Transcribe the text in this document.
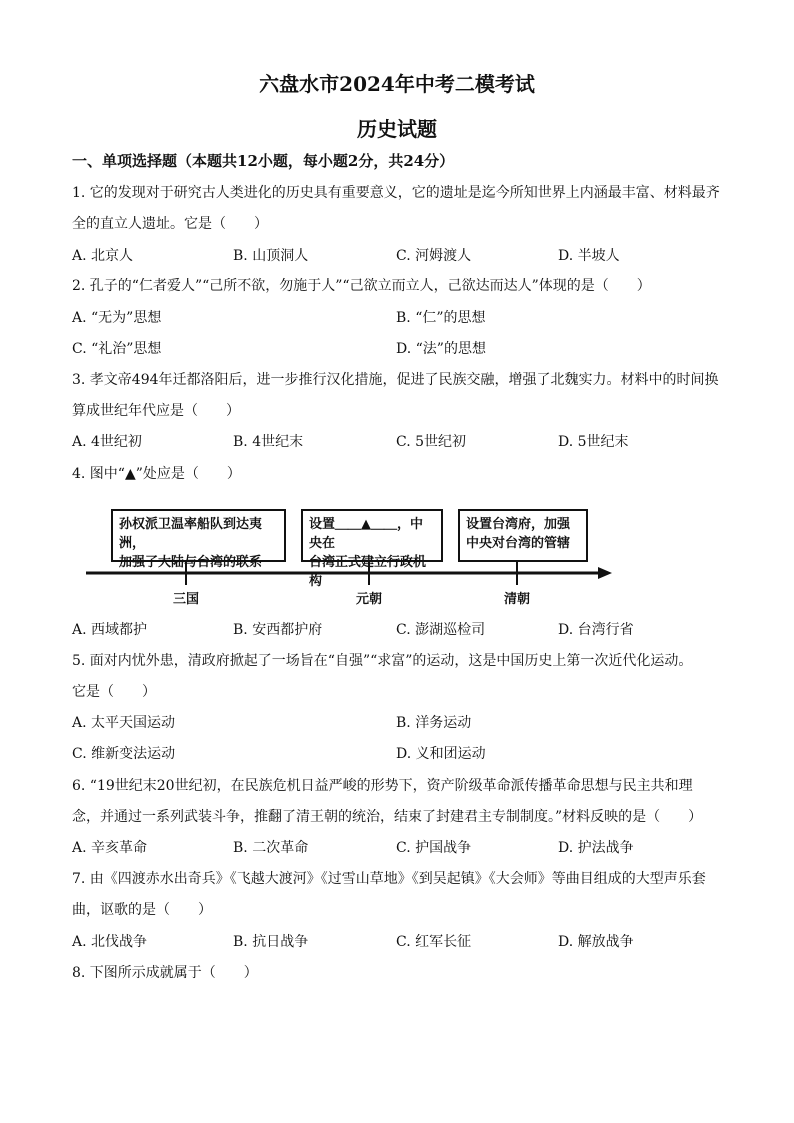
六盘水市2024年中考二模考试
历史试题
一、单项选择题（本题共12小题，每小题2分，共24分）
1. 它的发现对于研究古人类进化的历史具有重要意义，它的遗址是迄今所知世界上内涵最丰富、材料最齐
全的直立人遗址。它是（　　）
A. 北京人	B. 山顶洞人	C. 河姆渡人	D. 半坡人
2. 孔子的“仁者爱人”“己所不欲，勿施于人”“己欲立而立人，己欲达而达人”体现的是（　　）
A. “无为”思想	B. “仁”的思想
C. “礼治”思想	D. “法”的思想
3. 孝文帝494年迁都洛阳后，进一步推行汉化措施，促进了民族交融，增强了北魏实力。材料中的时间换
算成世纪年代应是（　　）
A. 4世纪初	B. 4世纪末	C. 5世纪初	D. 5世纪末
4. 图中“▲”处应是（　　）
孙权派卫温率船队到达夷洲，
加强了大陆与台湾的联系
设置＿＿▲＿＿，中央在
台湾正式建立行政机构
设置台湾府，加强
中央对台湾的管辖
三国	元朝	清朝
A. 西域都护	B. 安西都护府	C. 澎湖巡检司	D. 台湾行省
5. 面对内忧外患，清政府掀起了一场旨在“自强”“求富”的运动，这是中国历史上第一次近代化运动。
它是（　　）
A. 太平天国运动	B. 洋务运动
C. 维新变法运动	D. 义和团运动
6. “19世纪末20世纪初，在民族危机日益严峻的形势下，资产阶级革命派传播革命思想与民主共和理
念，并通过一系列武装斗争，推翻了清王朝的统治，结束了封建君主专制制度。”材料反映的是（　　）
A. 辛亥革命	B. 二次革命	C. 护国战争	D. 护法战争
7. 由《四渡赤水出奇兵》《飞越大渡河》《过雪山草地》《到吴起镇》《大会师》等曲目组成的大型声乐套
曲，讴歌的是（　　）
A. 北伐战争	B. 抗日战争	C. 红军长征	D. 解放战争
8. 下图所示成就属于（　　）
